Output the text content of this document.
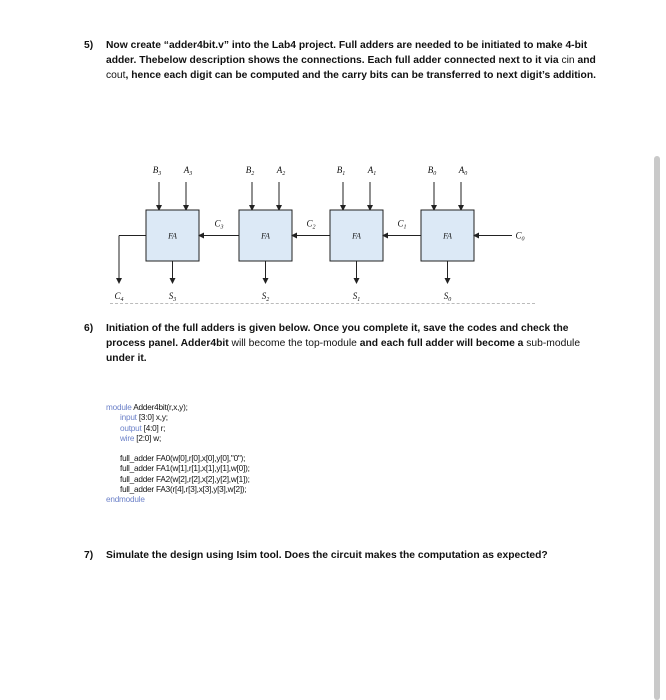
5) Now create “adder4bit.v” into the Lab4 project. Full adders are needed to be initiated to make 4-bit adder. Thebelow description shows the connections. Each full adder connected next to it via cin and cout, hence each digit can be computed and the carry bits can be transferred to next digit’s addition.
$B_3$	$A_3$
FA
$S_3$
$B_2$	$A_2$
FA
$S_2$
$B_1$	$A_1$
FA
$S_1$
$B_0$	$A_0$
FA
$S_0$
$C_3$	$C_2$	$C_1$
$C_0$
$C_4$
6) Initiation of the full adders is given below. Once you complete it, save the codes and check the process panel. Adder4bit will become the top-module and each full adder will become a sub-module under it.
module Adder4bit(r,x,y);
input [3:0] x,y;
output [4:0] r;
wire [2:0] w;
full_adder FA0(w[0],r[0],x[0],y[0],"0");
full_adder FA1(w[1],r[1],x[1],y[1],w[0]);
full_adder FA2(w[2],r[2],x[2],y[2],w[1]);
full_adder FA3(r[4],r[3],x[3],y[3],w[2]);
endmodule
7) Simulate the design using Isim tool. Does the circuit makes the computation as expected?
